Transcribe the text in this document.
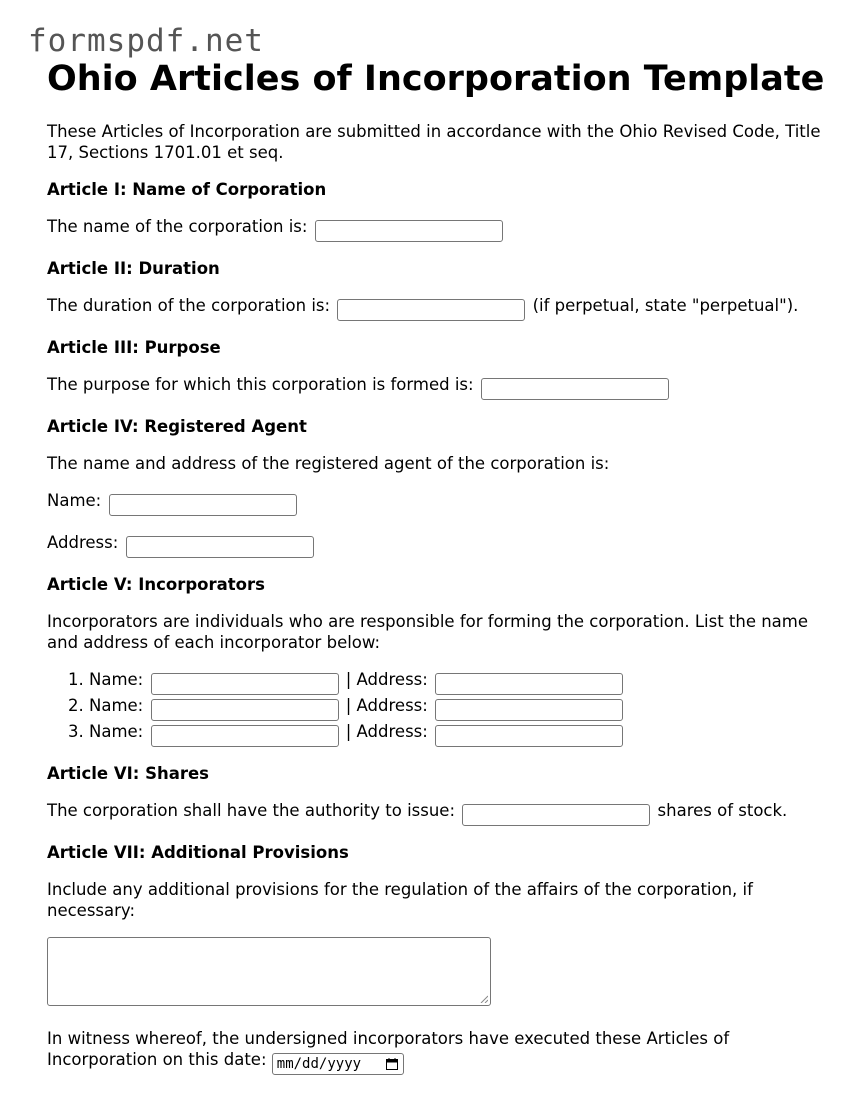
formspdf.net
Ohio Articles of Incorporation Template

These Articles of Incorporation are submitted in accordance with the Ohio Revised Code, Title 17, Sections 1701.01 et seq.

Article I: Name of Corporation

The name of the corporation is:

Article II: Duration

The duration of the corporation is:	(if perpetual, state "perpetual").

Article III: Purpose

The purpose for which this corporation is formed is:

Article IV: Registered Agent

The name and address of the registered agent of the corporation is:

Name:

Address:

Article V: Incorporators

Incorporators are individuals who are responsible for forming the corporation. List the name and address of each incorporator below:

1. Name:	| Address:
2. Name:	| Address:
3. Name:	| Address:

Article VI: Shares

The corporation shall have the authority to issue:	shares of stock.

Article VII: Additional Provisions

Include any additional provisions for the regulation of the affairs of the corporation, if necessary:

In witness whereof, the undersigned incorporators have executed these Articles of Incorporation on this date: mm/dd/yyyy
